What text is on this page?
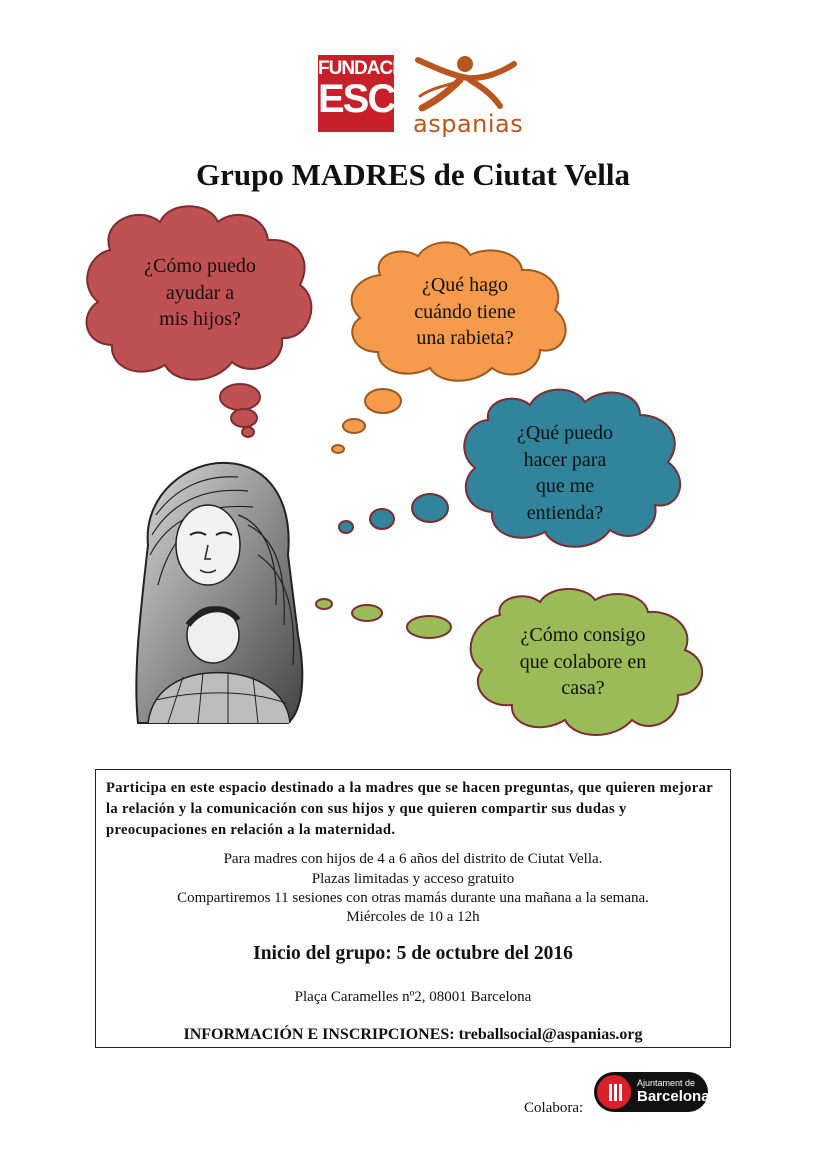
FUNDACIÓ
ESCÓ
aspanias
Grupo MADRES de Ciutat Vella
¿Cómo puedo
ayudar a
mis hijos?
¿Qué hago
cuándo tiene
una rabieta?
¿Qué puedo
hacer para
que me
entienda?
¿Cómo consigo
que colabore en
casa?
Participa en este espacio destinado a la madres que se hacen preguntas, que quieren mejorar la relación y la comunicación con sus hijos y que quieren compartir sus dudas y preocupaciones en relación a la maternidad.
Para madres con hijos de 4 a 6 años del distrito de Ciutat Vella.
Plazas limitadas y acceso gratuito
Compartiremos 11 sesiones con otras mamás durante una mañana a la semana.
Miércoles de 10 a 12h
Inicio del grupo: 5 de octubre del 2016
Plaça Caramelles nº2, 08001 Barcelona
INFORMACIÓN E INSCRIPCIONES: treballsocial@aspanias.org
Colabora:
Ajuntament de
Barcelona
